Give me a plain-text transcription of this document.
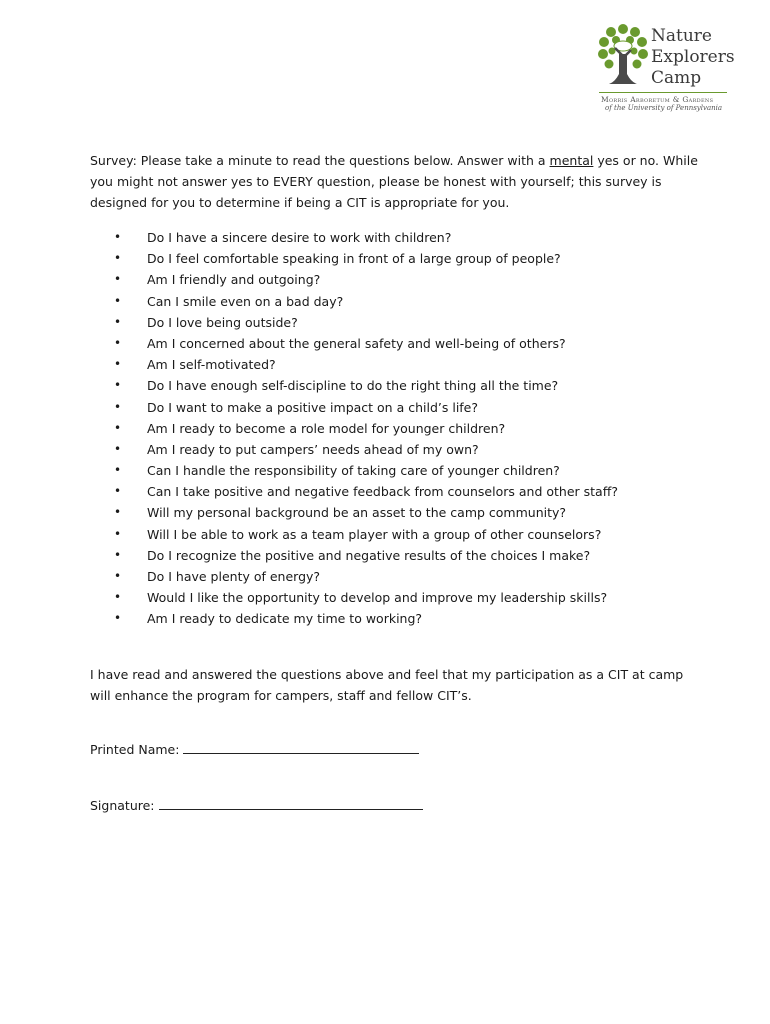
Nature
Explorers
Camp
Morris Arboretum & Gardens
of the University of Pennsylvania

Survey: Please take a minute to read the questions below. Answer with a mental yes or no. While you might not answer yes to EVERY question, please be honest with yourself; this survey is designed for you to determine if being a CIT is appropriate for you.

• Do I have a sincere desire to work with children?
• Do I feel comfortable speaking in front of a large group of people?
• Am I friendly and outgoing?
• Can I smile even on a bad day?
• Do I love being outside?
• Am I concerned about the general safety and well-being of others?
• Am I self-motivated?
• Do I have enough self-discipline to do the right thing all the time?
• Do I want to make a positive impact on a child’s life?
• Am I ready to become a role model for younger children?
• Am I ready to put campers’ needs ahead of my own?
• Can I handle the responsibility of taking care of younger children?
• Can I take positive and negative feedback from counselors and other staff?
• Will my personal background be an asset to the camp community?
• Will I be able to work as a team player with a group of other counselors?
• Do I recognize the positive and negative results of the choices I make?
• Do I have plenty of energy?
• Would I like the opportunity to develop and improve my leadership skills?
• Am I ready to dedicate my time to working?

I have read and answered the questions above and feel that my participation as a CIT at camp will enhance the program for campers, staff and fellow CIT’s.

Printed Name:
Signature:
